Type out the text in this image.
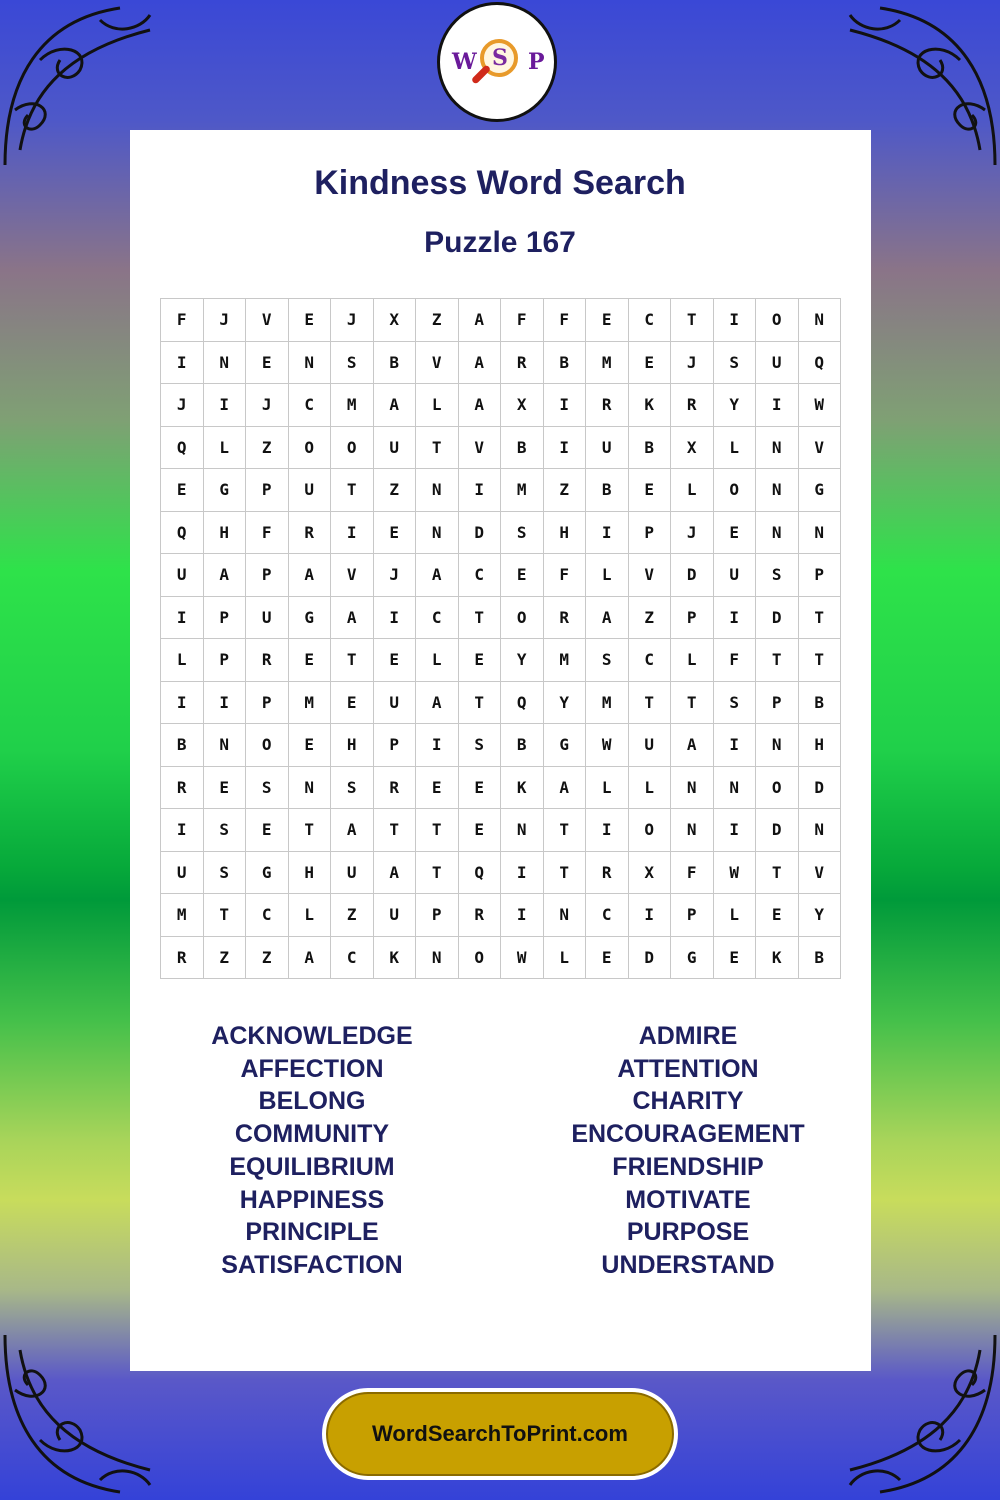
W S P
Kindness Word Search
Puzzle 167
F	J	V	E	J	X	Z	A	F	F	E	C	T	I	O	N
I	N	E	N	S	B	V	A	R	B	M	E	J	S	U	Q
J	I	J	C	M	A	L	A	X	I	R	K	R	Y	I	W
Q	L	Z	O	O	U	T	V	B	I	U	B	X	L	N	V
E	G	P	U	T	Z	N	I	M	Z	B	E	L	O	N	G
Q	H	F	R	I	E	N	D	S	H	I	P	J	E	N	N
U	A	P	A	V	J	A	C	E	F	L	V	D	U	S	P
I	P	U	G	A	I	C	T	O	R	A	Z	P	I	D	T
L	P	R	E	T	E	L	E	Y	M	S	C	L	F	T	T
I	I	P	M	E	U	A	T	Q	Y	M	T	T	S	P	B
B	N	O	E	H	P	I	S	B	G	W	U	A	I	N	H
R	E	S	N	S	R	E	E	K	A	L	L	N	N	O	D
I	S	E	T	A	T	T	E	N	T	I	O	N	I	D	N
U	S	G	H	U	A	T	Q	I	T	R	X	F	W	T	V
M	T	C	L	Z	U	P	R	I	N	C	I	P	L	E	Y
R	Z	Z	A	C	K	N	O	W	L	E	D	G	E	K	B
ACKNOWLEDGE
AFFECTION
BELONG
COMMUNITY
EQUILIBRIUM
HAPPINESS
PRINCIPLE
SATISFACTION
ADMIRE
ATTENTION
CHARITY
ENCOURAGEMENT
FRIENDSHIP
MOTIVATE
PURPOSE
UNDERSTAND
WordSearchToPrint.com
